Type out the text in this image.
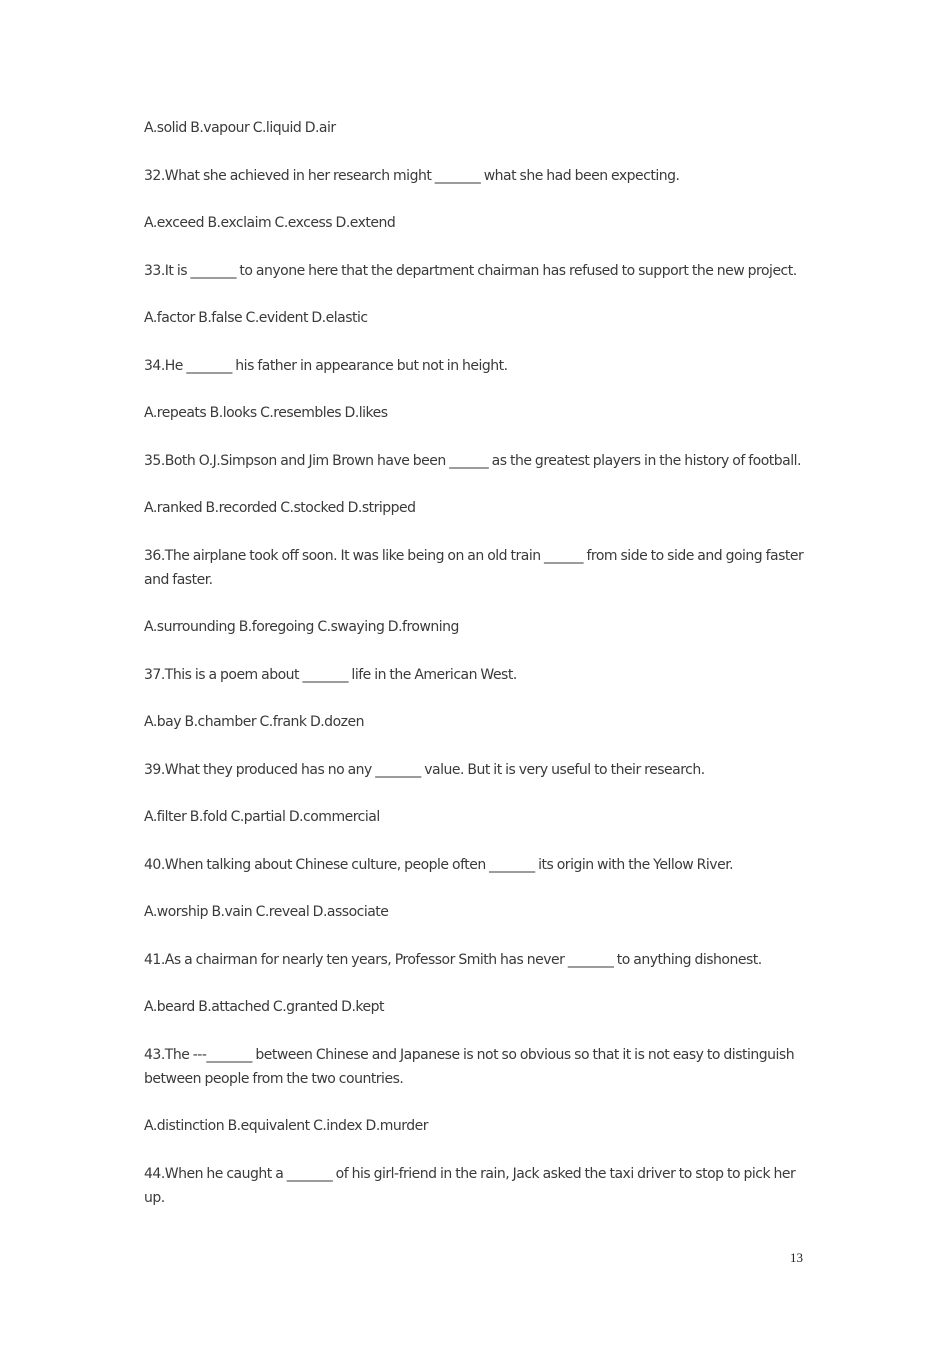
A.solid B.vapour C.liquid D.air

32.What she achieved in her research might _______ what she had been expecting.

A.exceed B.exclaim C.excess D.extend

33.It is _______ to anyone here that the department chairman has refused to support the new project.

A.factor B.false C.evident D.elastic

34.He _______ his father in appearance but not in height.

A.repeats B.looks C.resembles D.likes

35.Both O.J.Simpson and Jim Brown have been ______ as the greatest players in the history of football.

A.ranked B.recorded C.stocked D.stripped

36.The airplane took off soon. It was like being on an old train ______ from side to side and going faster and faster.

A.surrounding B.foregoing C.swaying D.frowning

37.This is a poem about _______ life in the American West.

A.bay B.chamber C.frank D.dozen

39.What they produced has no any _______ value. But it is very useful to their research.

A.filter B.fold C.partial D.commercial

40.When talking about Chinese culture, people often _______ its origin with the Yellow River.

A.worship B.vain C.reveal D.associate

41.As a chairman for nearly ten years, Professor Smith has never _______ to anything dishonest.

A.beard B.attached C.granted D.kept

43.The ---_______ between Chinese and Japanese is not so obvious so that it is not easy to distinguish between people from the two countries.

A.distinction B.equivalent C.index D.murder

44.When he caught a _______ of his girl-friend in the rain, Jack asked the taxi driver to stop to pick her up.

13
